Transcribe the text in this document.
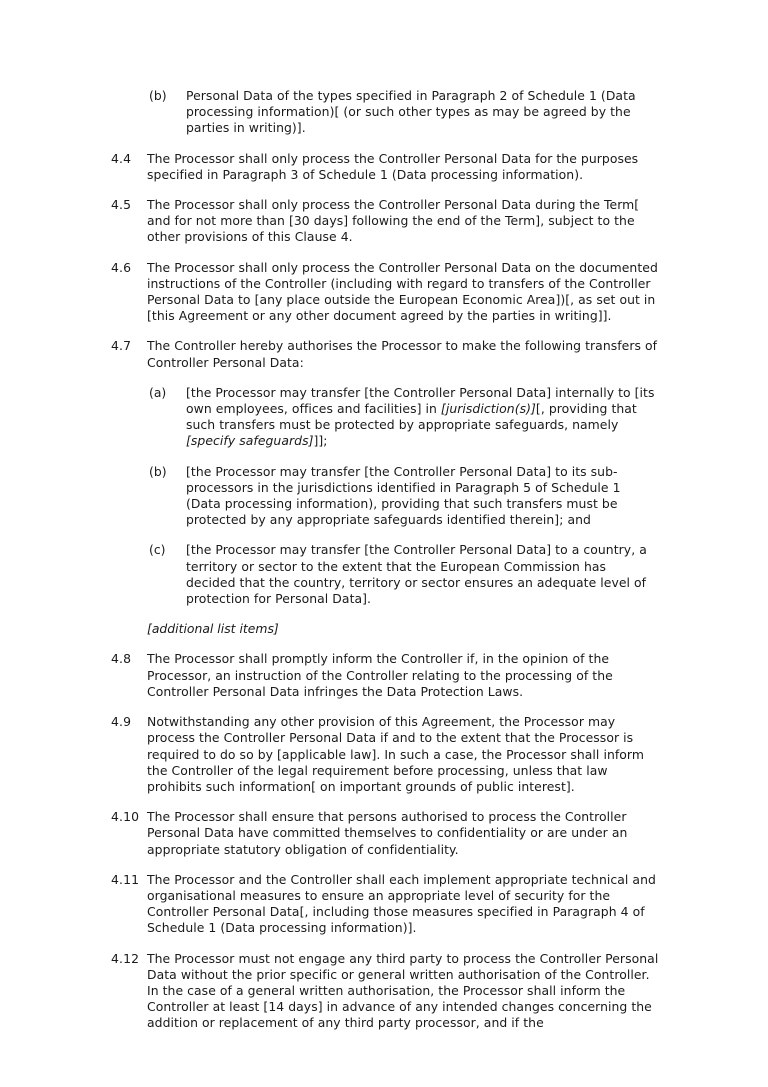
(b)	Personal Data of the types specified in Paragraph 2 of Schedule 1 (Data processing information)[ (or such other types as may be agreed by the parties in writing)].
4.4	The Processor shall only process the Controller Personal Data for the purposes specified in Paragraph 3 of Schedule 1 (Data processing information).
4.5	The Processor shall only process the Controller Personal Data during the Term[ and for not more than [30 days] following the end of the Term], subject to the other provisions of this Clause 4.
4.6	The Processor shall only process the Controller Personal Data on the documented instructions of the Controller (including with regard to transfers of the Controller Personal Data to [any place outside the European Economic Area])[, as set out in [this Agreement or any other document agreed by the parties in writing]].
4.7	The Controller hereby authorises the Processor to make the following transfers of Controller Personal Data:
(a)	[the Processor may transfer [the Controller Personal Data] internally to [its own employees, offices and facilities] in [jurisdiction(s)][, providing that such transfers must be protected by appropriate safeguards, namely [specify safeguards]]];
(b)	[the Processor may transfer [the Controller Personal Data] to its sub-processors in the jurisdictions identified in Paragraph 5 of Schedule 1 (Data processing information), providing that such transfers must be protected by any appropriate safeguards identified therein]; and
(c)	[the Processor may transfer [the Controller Personal Data] to a country, a territory or sector to the extent that the European Commission has decided that the country, territory or sector ensures an adequate level of protection for Personal Data].
[additional list items]
4.8	The Processor shall promptly inform the Controller if, in the opinion of the Processor, an instruction of the Controller relating to the processing of the Controller Personal Data infringes the Data Protection Laws.
4.9	Notwithstanding any other provision of this Agreement, the Processor may process the Controller Personal Data if and to the extent that the Processor is required to do so by [applicable law]. In such a case, the Processor shall inform the Controller of the legal requirement before processing, unless that law prohibits such information[ on important grounds of public interest].
4.10 The Processor shall ensure that persons authorised to process the Controller Personal Data have committed themselves to confidentiality or are under an appropriate statutory obligation of confidentiality.
4.11 The Processor and the Controller shall each implement appropriate technical and organisational measures to ensure an appropriate level of security for the Controller Personal Data[, including those measures specified in Paragraph 4 of Schedule 1 (Data processing information)].
4.12 The Processor must not engage any third party to process the Controller Personal Data without the prior specific or general written authorisation of the Controller. In the case of a general written authorisation, the Processor shall inform the Controller at least [14 days] in advance of any intended changes concerning the addition or replacement of any third party processor, and if the
